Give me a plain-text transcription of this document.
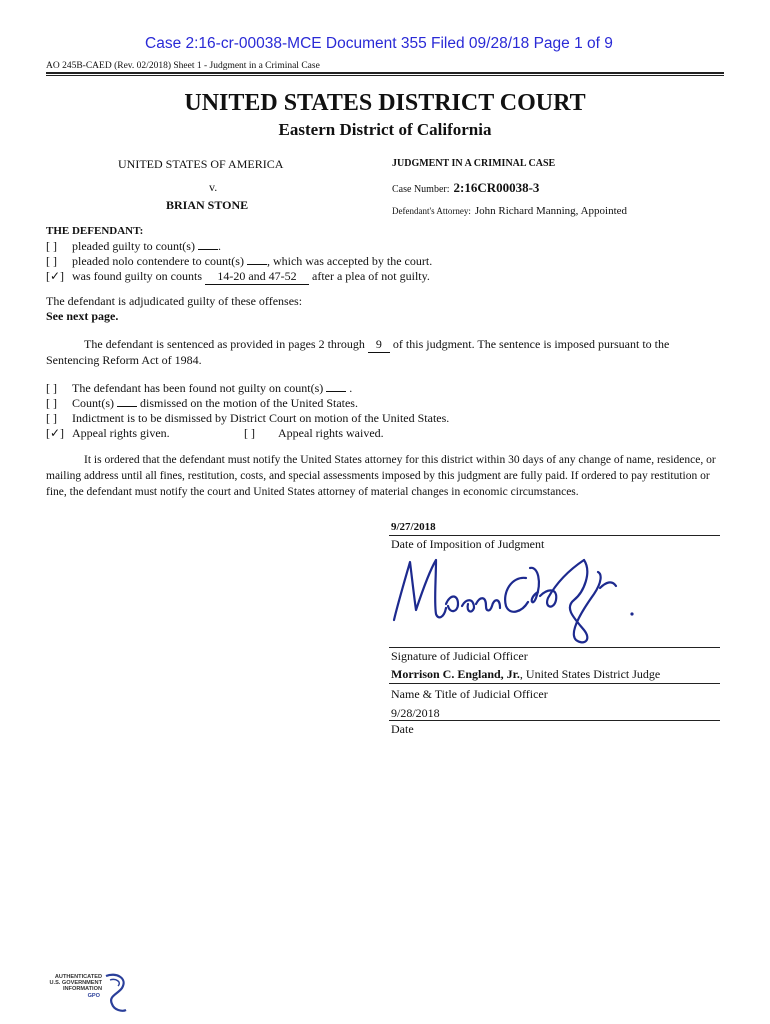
Case 2:16-cr-00038-MCE Document 355 Filed 09/28/18 Page 1 of 9
AO 245B-CAED (Rev. 02/2018) Sheet 1 - Judgment in a Criminal Case
UNITED STATES DISTRICT COURT
Eastern District of California
UNITED STATES OF AMERICA
v.
BRIAN STONE
JUDGMENT IN A CRIMINAL CASE
Case Number: 2:16CR00038-3
Defendant's Attorney: John Richard Manning, Appointed
THE DEFENDANT:
[ ] pleaded guilty to count(s) .
[ ] pleaded nolo contendere to count(s) , which was accepted by the court.
[✓] was found guilty on counts 14-20 and 47-52 after a plea of not guilty.
The defendant is adjudicated guilty of these offenses:
See next page.
The defendant is sentenced as provided in pages 2 through 9 of this judgment. The sentence is imposed pursuant to the
Sentencing Reform Act of 1984.
[ ] The defendant has been found not guilty on count(s) .
[ ] Count(s) dismissed on the motion of the United States.
[ ] Indictment is to be dismissed by District Court on motion of the United States.
[✓] Appeal rights given.	[ ] Appeal rights waived.
It is ordered that the defendant must notify the United States attorney for this district within 30 days of any change of name, residence, or mailing address until all fines, restitution, costs, and special assessments imposed by this judgment are fully paid. If ordered to pay restitution or fine, the defendant must notify the court and United States attorney of material changes in economic circumstances.
9/27/2018
Date of Imposition of Judgment
Signature of Judicial Officer
Morrison C. England, Jr., United States District Judge
Name & Title of Judicial Officer
9/28/2018
Date
AUTHENTICATED
U.S. GOVERNMENT
INFORMATION
GPO
